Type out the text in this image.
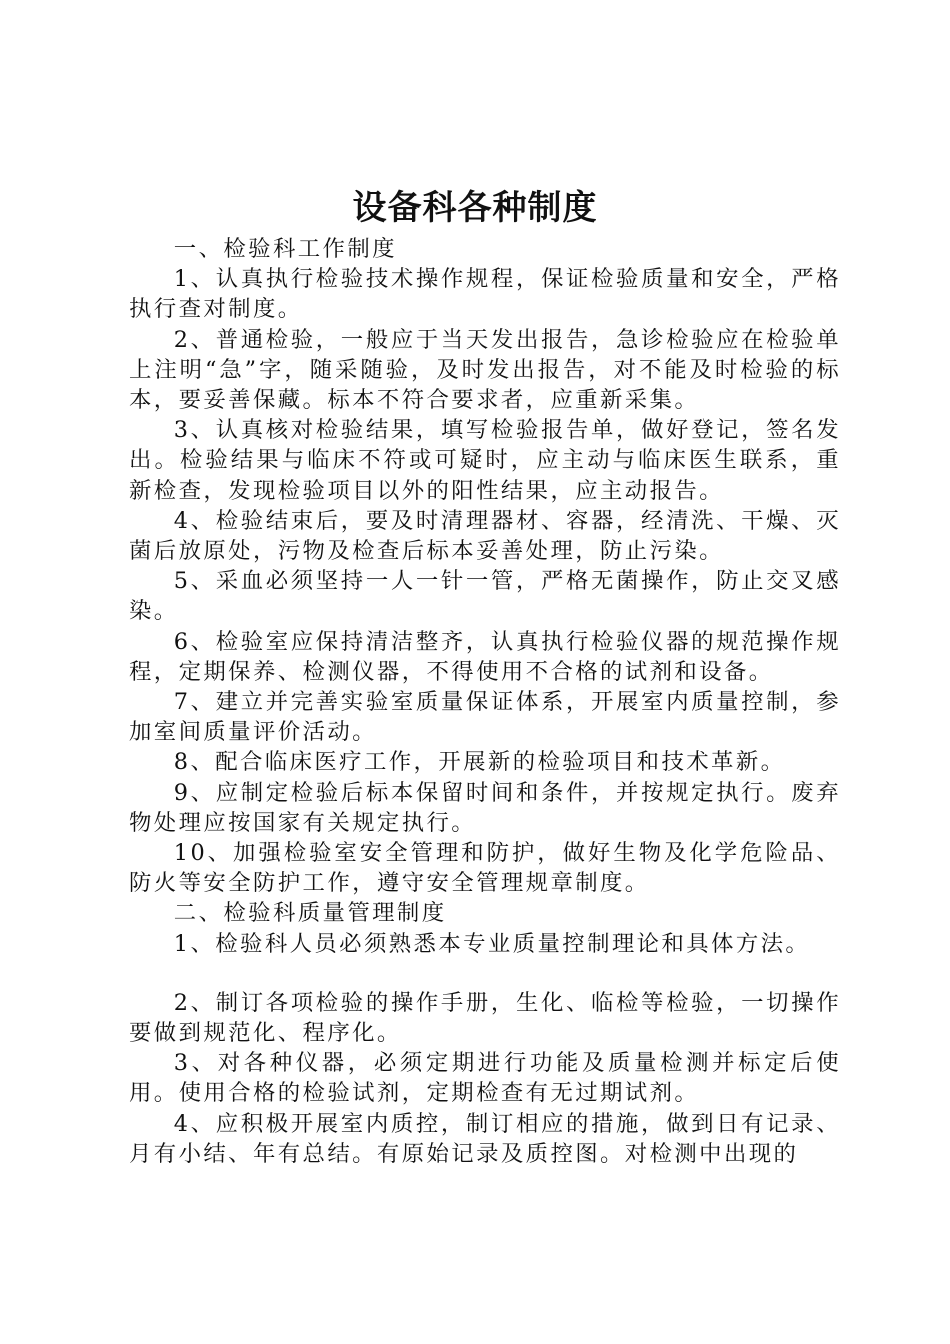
设备科各种制度

一、检验科工作制度

1、认真执行检验技术操作规程，保证检验质量和安全，严格执行查对制度。

2、普通检验，一般应于当天发出报告，急诊检验应在检验单上注明“急”字，随采随验，及时发出报告，对不能及时检验的标本，要妥善保藏。标本不符合要求者，应重新采集。

3、认真核对检验结果，填写检验报告单，做好登记，签名发出。检验结果与临床不符或可疑时，应主动与临床医生联系，重新检查，发现检验项目以外的阳性结果，应主动报告。

4、检验结束后，要及时清理器材、容器，经清洗、干燥、灭菌后放原处，污物及检查后标本妥善处理，防止污染。

5、采血必须坚持一人一针一管，严格无菌操作，防止交叉感染。

6、检验室应保持清洁整齐，认真执行检验仪器的规范操作规程，定期保养、检测仪器，不得使用不合格的试剂和设备。

7、建立并完善实验室质量保证体系，开展室内质量控制，参加室间质量评价活动。

8、配合临床医疗工作，开展新的检验项目和技术革新。

9、应制定检验后标本保留时间和条件，并按规定执行。废弃物处理应按国家有关规定执行。

10、加强检验室安全管理和防护，做好生物及化学危险品、防火等安全防护工作，遵守安全管理规章制度。

二、检验科质量管理制度

1、检验科人员必须熟悉本专业质量控制理论和具体方法。

2、制订各项检验的操作手册，生化、临检等检验，一切操作要做到规范化、程序化。

3、对各种仪器，必须定期进行功能及质量检测并标定后使用。使用合格的检验试剂，定期检查有无过期试剂。

4、应积极开展室内质控，制订相应的措施，做到日有记录、月有小结、年有总结。有原始记录及质控图。对检测中出现的
